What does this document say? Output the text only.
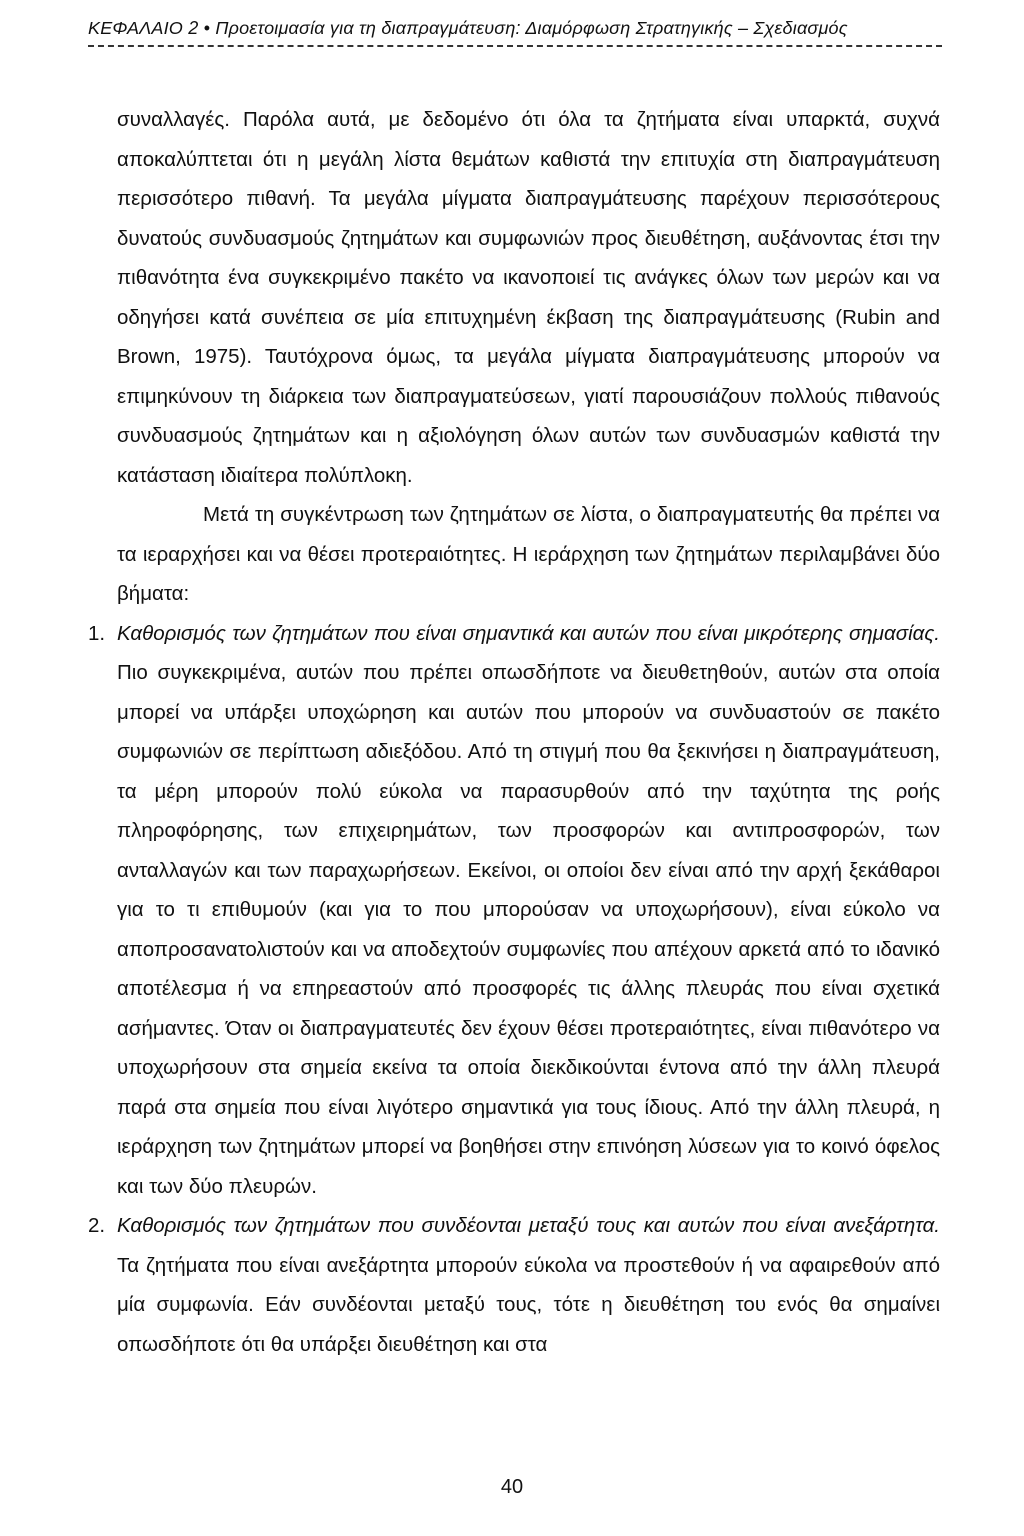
ΚΕΦΑΛΑΙΟ 2 • Προετοιμασία για τη διαπραγμάτευση: Διαμόρφωση Στρατηγικής – Σχεδιασμός

συναλλαγές. Παρόλα αυτά, με δεδομένο ότι όλα τα ζητήματα είναι υπαρκτά, συχνά αποκαλύπτεται ότι η μεγάλη λίστα θεμάτων καθιστά την επιτυχία στη διαπραγμάτευση περισσότερο πιθανή. Τα μεγάλα μίγματα διαπραγμάτευσης παρέχουν περισσότερους δυνατούς συνδυασμούς ζητημάτων και συμφωνιών προς διευθέτηση, αυξάνοντας έτσι την πιθανότητα ένα συγκεκριμένο πακέτο να ικανοποιεί τις ανάγκες όλων των μερών και να οδηγήσει κατά συνέπεια σε μία επιτυχημένη έκβαση της διαπραγμάτευσης (Rubin and Brown, 1975). Ταυτόχρονα όμως, τα μεγάλα μίγματα διαπραγμάτευσης μπορούν να επιμηκύνουν τη διάρκεια των διαπραγματεύσεων, γιατί παρουσιάζουν πολλούς πιθανούς συνδυασμούς ζητημάτων και η αξιολόγηση όλων αυτών των συνδυασμών καθιστά την κατάσταση ιδιαίτερα πολύπλοκη.

Μετά τη συγκέντρωση των ζητημάτων σε λίστα, ο διαπραγματευτής θα πρέπει να τα ιεραρχήσει και να θέσει προτεραιότητες. Η ιεράρχηση των ζητημάτων περιλαμβάνει δύο βήματα:

1. Καθορισμός των ζητημάτων που είναι σημαντικά και αυτών που είναι μικρότερης σημασίας. Πιο συγκεκριμένα, αυτών που πρέπει οπωσδήποτε να διευθετηθούν, αυτών στα οποία μπορεί να υπάρξει υποχώρηση και αυτών που μπορούν να συνδυαστούν σε πακέτο συμφωνιών σε περίπτωση αδιεξόδου. Από τη στιγμή που θα ξεκινήσει η διαπραγμάτευση, τα μέρη μπορούν πολύ εύκολα να παρασυρθούν από την ταχύτητα της ροής πληροφόρησης, των επιχειρημάτων, των προσφορών και αντιπροσφορών, των ανταλλαγών και των παραχωρήσεων. Εκείνοι, οι οποίοι δεν είναι από την αρχή ξεκάθαροι για το τι επιθυμούν (και για το που μπορούσαν να υποχωρήσουν), είναι εύκολο να αποπροσανατολιστούν και να αποδεχτούν συμφωνίες που απέχουν αρκετά από το ιδανικό αποτέλεσμα ή να επηρεαστούν από προσφορές τις άλλης πλευράς που είναι σχετικά ασήμαντες. Όταν οι διαπραγματευτές δεν έχουν θέσει προτεραιότητες, είναι πιθανότερο να υποχωρήσουν στα σημεία εκείνα τα οποία διεκδικούνται έντονα από την άλλη πλευρά παρά στα σημεία που είναι λιγότερο σημαντικά για τους ίδιους. Από την άλλη πλευρά, η ιεράρχηση των ζητημάτων μπορεί να βοηθήσει στην επινόηση λύσεων για το κοινό όφελος και των δύο πλευρών.
2. Καθορισμός των ζητημάτων που συνδέονται μεταξύ τους και αυτών που είναι ανεξάρτητα. Τα ζητήματα που είναι ανεξάρτητα μπορούν εύκολα να προστεθούν ή να αφαιρεθούν από μία συμφωνία. Εάν συνδέονται μεταξύ τους, τότε η διευθέτηση του ενός θα σημαίνει οπωσδήποτε ότι θα υπάρξει διευθέτηση και στα
40
